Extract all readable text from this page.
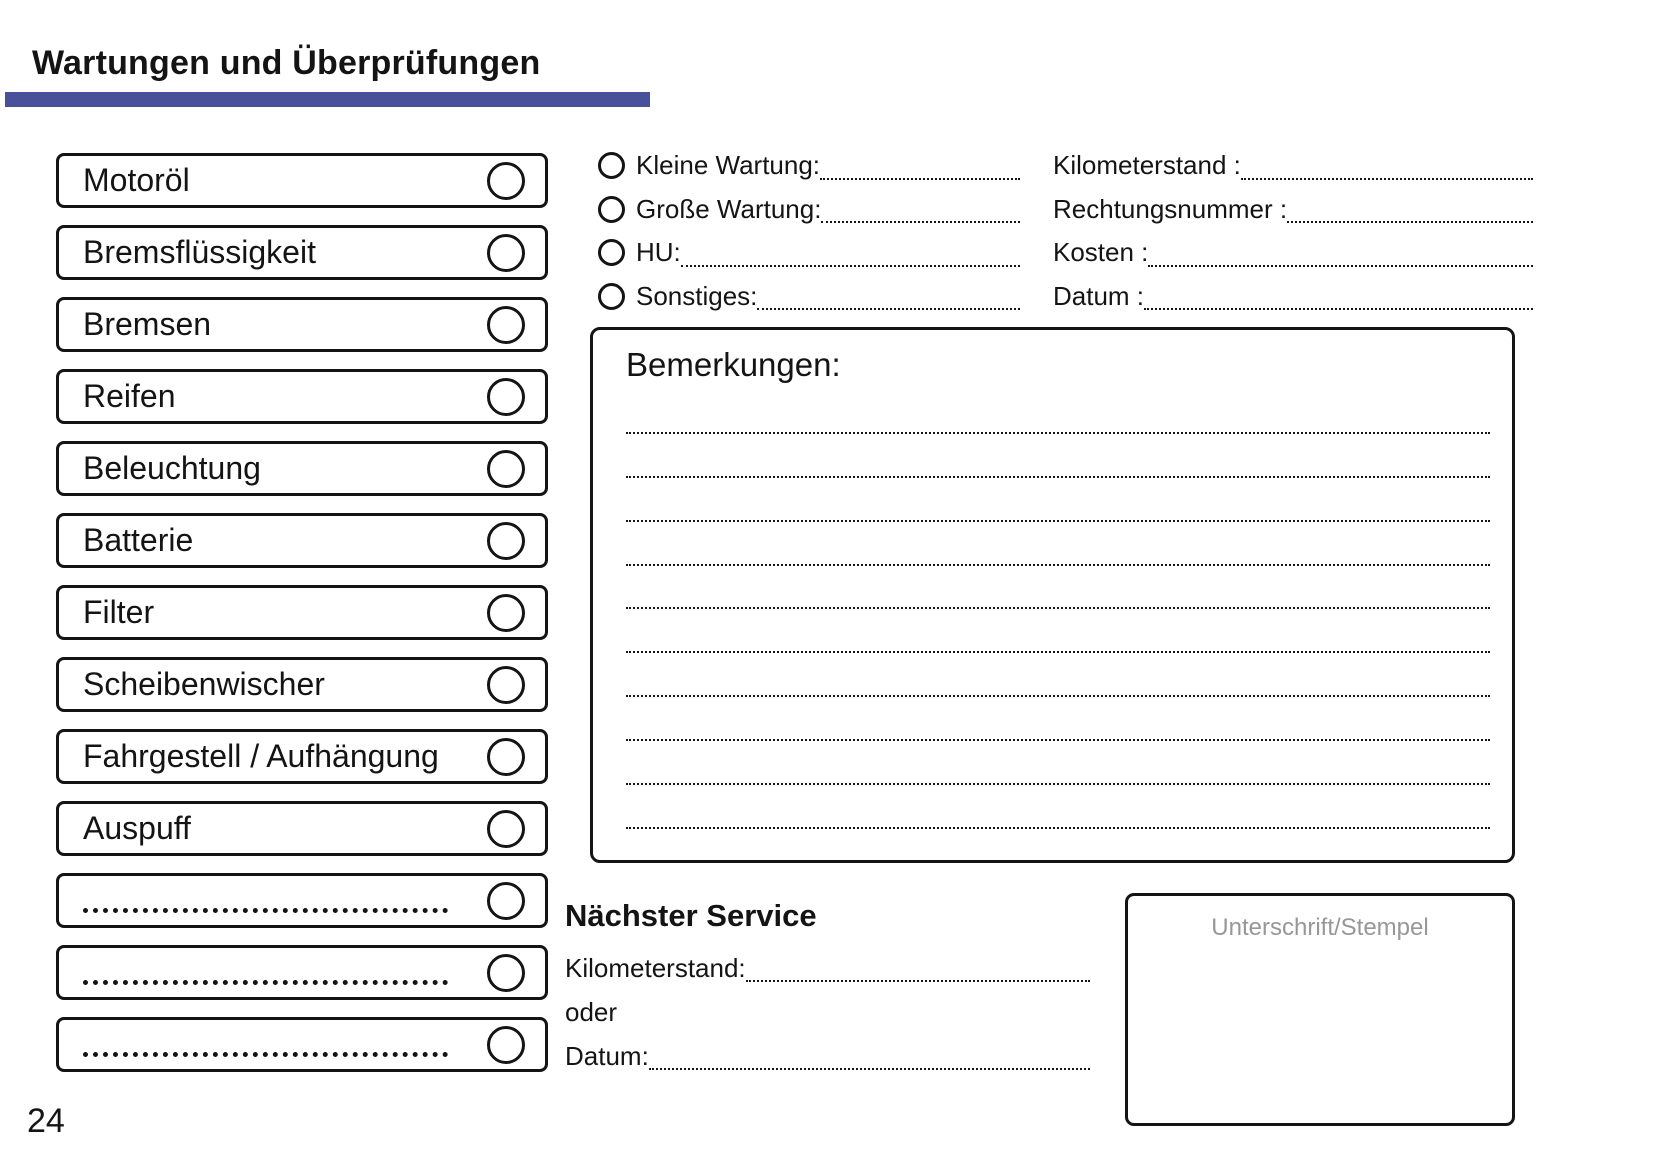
Wartungen und Überprüfungen
Motoröl
Bremsflüssigkeit
Bremsen
Reifen
Beleuchtung
Batterie
Filter
Scheibenwischer
Fahrgestell / Aufhängung
Auspuff
Kleine Wartung:
Große Wartung:
HU:
Sonstiges:
Kilometerstand :
Rechtungsnummer :
Kosten :
Datum :
Bemerkungen:
Nächster Service
Kilometerstand:
oder
Datum:
Unterschrift/Stempel
24
